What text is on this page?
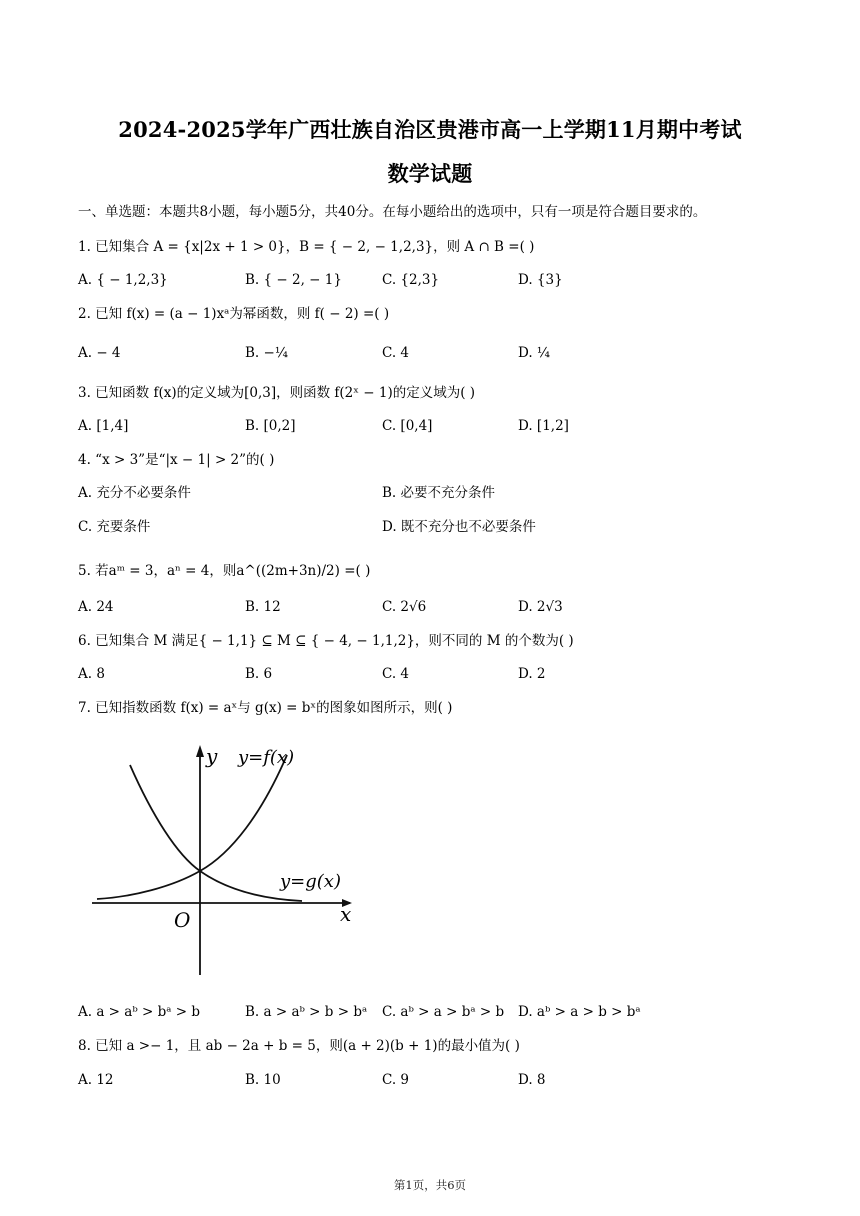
2024-2025学年广西壮族自治区贵港市高一上学期11月期中考试
数学试题
一、单选题：本题共8小题，每小题5分，共40分。在每小题给出的选项中，只有一项是符合题目要求的。
1. 已知集合 A = {x|2x + 1 > 0}，B = { − 2, − 1,2,3}，则 A ∩ B =( )
A. { − 1,2,3}	B. { − 2, − 1}	C. {2,3}	D. {3}
2. 已知 f(x) = (a − 1)xᵃ为幂函数，则 f( − 2) =( )
A. − 4	B. −¼	C. 4	D. ¼
3. 已知函数 f(x)的定义域为[0,3]，则函数 f(2ˣ − 1)的定义域为( )
A. [1,4]	B. [0,2]	C. [0,4]	D. [1,2]
4. “x > 3”是“|x − 1| > 2”的( )
A. 充分不必要条件	B. 必要不充分条件
C. 充要条件	D. 既不充分也不必要条件
5. 若aᵐ = 3，aⁿ = 4，则a^((2m+3n)/2) =( )
A. 24	B. 12	C. 2√6	D. 2√3
6. 已知集合 M 满足{ − 1,1} ⊆ M ⊆ { − 4, − 1,1,2}，则不同的 M 的个数为( )
A. 8	B. 6	C. 4	D. 2
7. 已知指数函数 f(x) = aˣ与 g(x) = bˣ的图象如图所示，则( )
y
x
O
y=f(x)
y=g(x)
A. a > aᵇ > bᵃ > b	B. a > aᵇ > b > bᵃ C. aᵇ > a > bᵃ > b D. aᵇ > a > b > bᵃ
8. 已知 a >− 1，且 ab − 2a + b = 5，则(a + 2)(b + 1)的最小值为( )
A. 12	B. 10	C. 9	D. 8
第1页，共6页
